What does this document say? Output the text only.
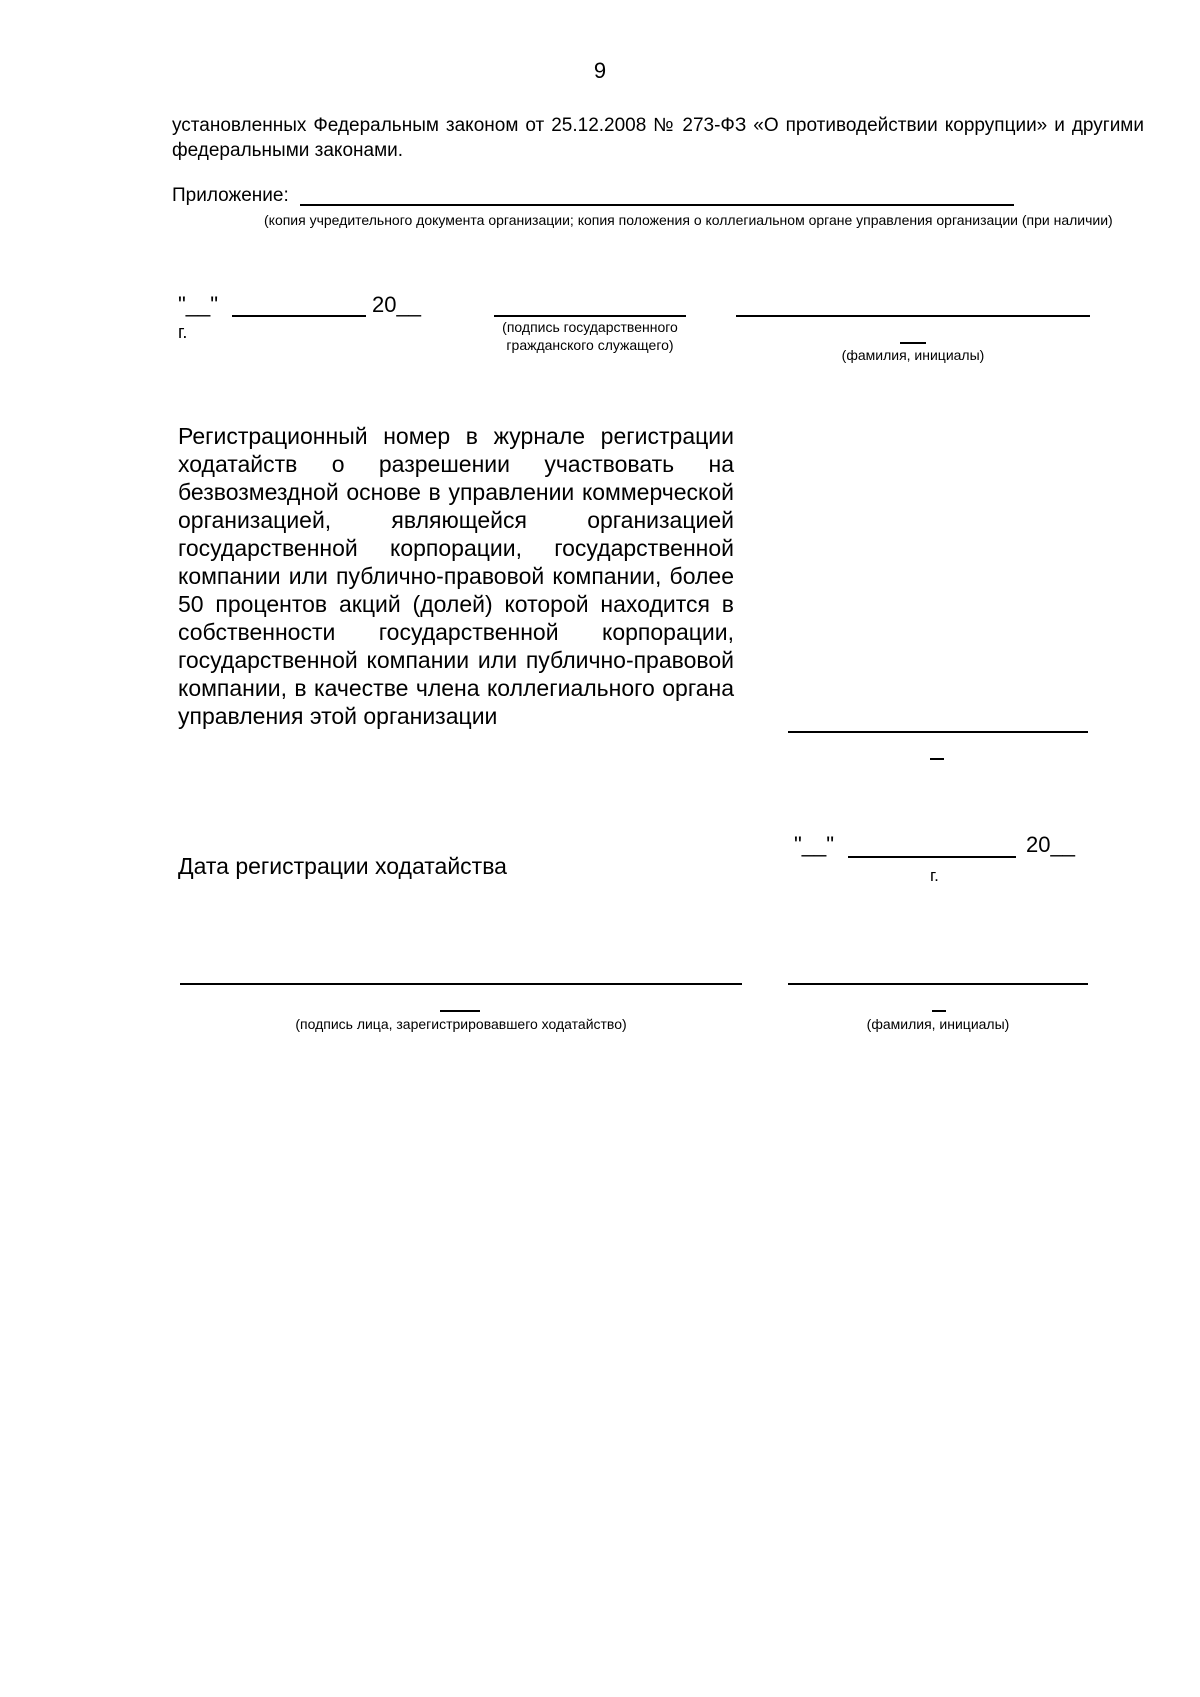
9
установленных Федеральным законом от 25.12.2008 № 273-ФЗ «О противодействии коррупции» и другими федеральными законами.
Приложение:
(копия учредительного документа организации; копия положения о коллегиальном органе управления организации (при наличии)
"__"	20__
г.	(подпись государственного гражданского служащего)
(фамилия, инициалы)
Регистрационный номер в журнале регистрации ходатайств о разрешении участвовать на безвозмездной основе в управлении коммерческой организацией, являющейся организацией государственной корпорации, государственной компании или публично-правовой компании, более 50 процентов акций (долей) которой находится в собственности государственной корпорации, государственной компании или публично-правовой компании, в качестве члена коллегиального органа управления этой организации
Дата регистрации ходатайства
"__"	20__
г.
(подпись лица, зарегистрировавшего ходатайство)	(фамилия, инициалы)
